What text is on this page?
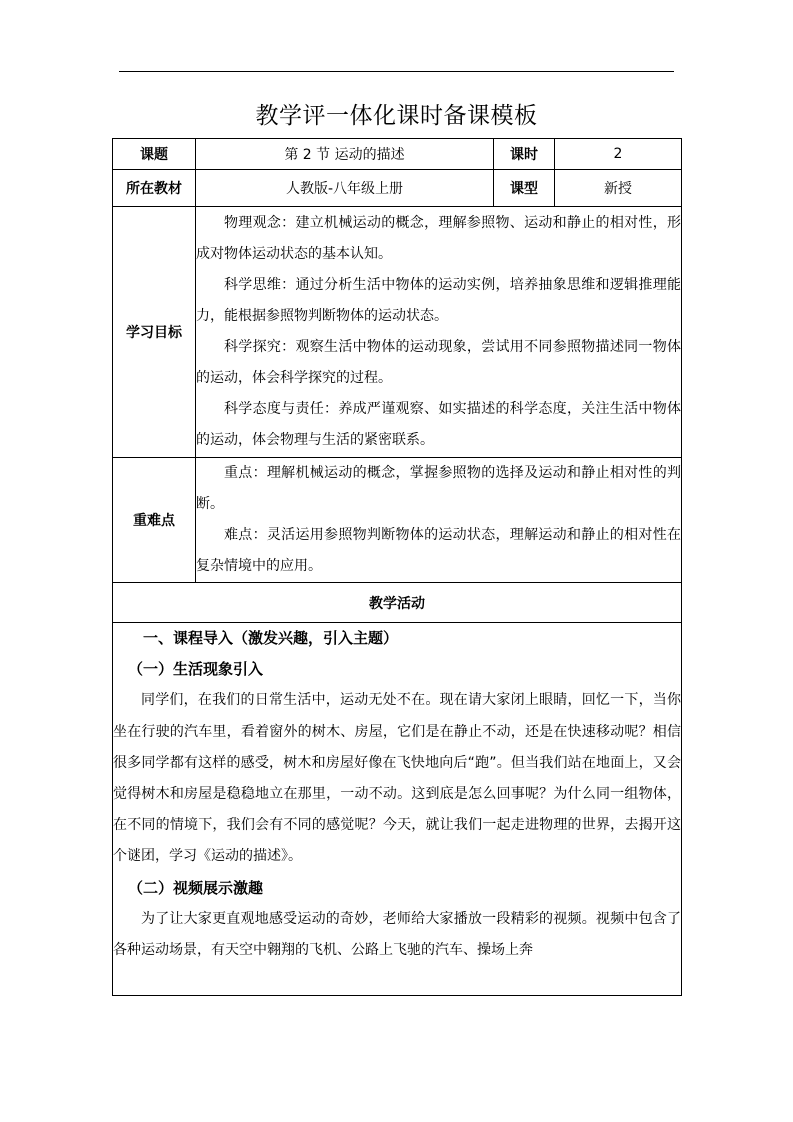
教学评一体化课时备课模板
课题	第 2 节 运动的描述	课时	2
所在教材	人教版-八年级上册	课型	新授
学习目标	物理观念：建立机械运动的概念，理解参照物、运动和静止的相对性，形成对物体运动状态的基本认知。

科学思维：通过分析生活中物体的运动实例，培养抽象思维和逻辑推理能力，能根据参照物判断物体的运动状态。

科学探究：观察生活中物体的运动现象，尝试用不同参照物描述同一物体的运动，体会科学探究的过程。

科学态度与责任：养成严谨观察、如实描述的科学态度，关注生活中物体的运动，体会物理与生活的紧密联系。		

重难点	重点：理解机械运动的概念，掌握参照物的选择及运动和静止相对性的判断。

难点：灵活运用参照物判断物体的运动状态，理解运动和静止的相对性在复杂情境中的应用。		

教学活动			

一、课程导入（激发兴趣，引入主题）

（一）生活现象引入

同学们，在我们的日常生活中，运动无处不在。现在请大家闭上眼睛，回忆一下，当你坐在行驶的汽车里，看着窗外的树木、房屋，它们是在静止不动，还是在快速移动呢？相信很多同学都有这样的感受，树木和房屋好像在飞快地向后“跑”。但当我们站在地面上，又会觉得树木和房屋是稳稳地立在那里，一动不动。这到底是怎么回事呢？为什么同一组物体，在不同的情境下，我们会有不同的感觉呢？今天，就让我们一起走进物理的世界，去揭开这个谜团，学习《运动的描述》。

（二）视频展示激趣

为了让大家更直观地感受运动的奇妙，老师给大家播放一段精彩的视频。视频中包含了各种运动场景，有天空中翱翔的飞机、公路上飞驰的汽车、操场上奔			
